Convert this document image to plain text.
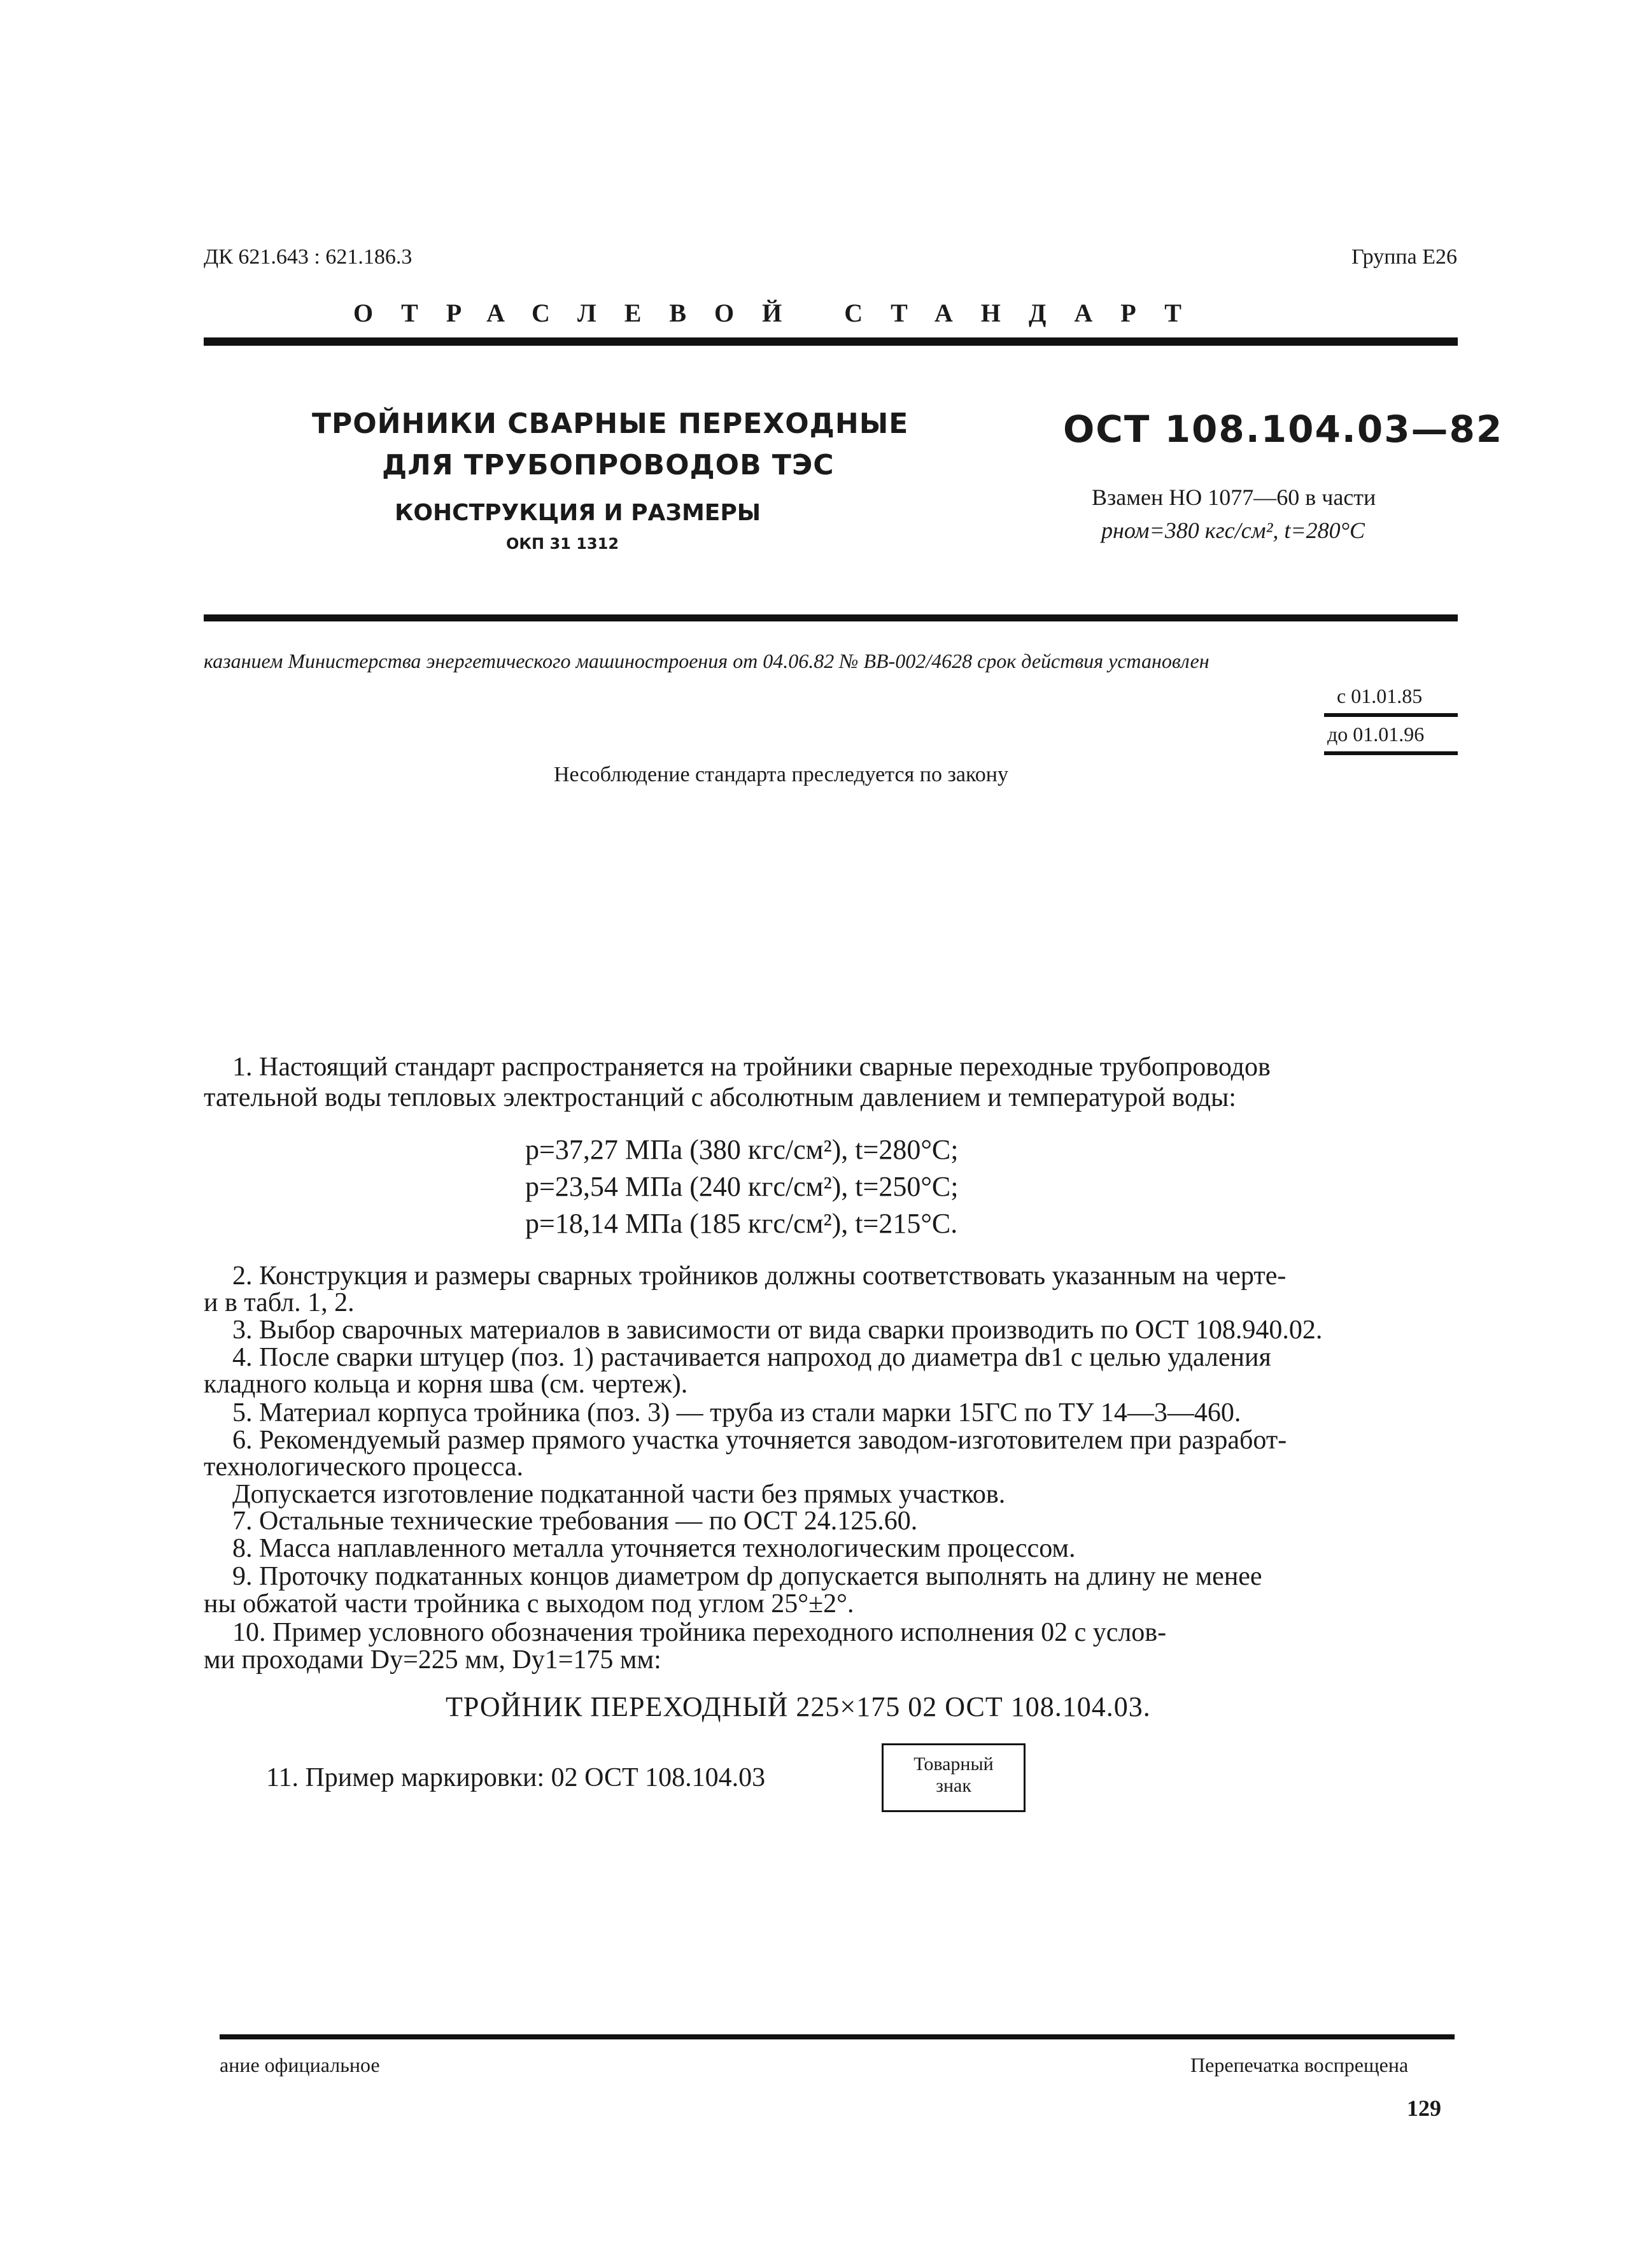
ДК 621.643 : 621.186.3	Группа Е26
ОТРАСЛЕВОЙ СТАНДАРТ
ТРОЙНИКИ СВАРНЫЕ ПЕРЕХОДНЫЕ
ДЛЯ ТРУБОПРОВОДОВ ТЭС
КОНСТРУКЦИЯ И РАЗМЕРЫ
ОКП 31 1312
ОСТ 108.104.03—82
Взамен НО 1077—60 в части
pном=380 кгс/см², t=280°С
казанием Министерства энергетического машиностроения от 04.06.82 № ВВ-002/4628 срок действия установлен
с 01.01.85
до 01.01.96
Несоблюдение стандарта преследуется по закону
1. Настоящий стандарт распространяется на тройники сварные переходные трубопроводов
тательной воды тепловых электростанций с абсолютным давлением и температурой воды:
p=37,27 МПа (380 кгс/см²), t=280°С;
p=23,54 МПа (240 кгс/см²), t=250°С;
p=18,14 МПа (185 кгс/см²), t=215°С.
2. Конструкция и размеры сварных тройников должны соответствовать указанным на черте-
и в табл. 1, 2.
3. Выбор сварочных материалов в зависимости от вида сварки производить по ОСТ 108.940.02.
4. После сварки штуцер (поз. 1) растачивается напроход до диаметра dв1 с целью удаления
кладного кольца и корня шва (см. чертеж).
5. Материал корпуса тройника (поз. 3) — труба из стали марки 15ГС по ТУ 14—3—460.
6. Рекомендуемый размер прямого участка уточняется заводом-изготовителем при разработ-
технологического процесса.
Допускается изготовление подкатанной части без прямых участков.
7. Остальные технические требования — по ОСТ 24.125.60.
8. Масса наплавленного металла уточняется технологическим процессом.
9. Проточку подкатанных концов диаметром dp допускается выполнять на длину не менее
ны обжатой части тройника с выходом под углом 25°±2°.
10. Пример условного обозначения тройника переходного исполнения 02 с услов-
ми проходами Dу=225 мм, Dу1=175 мм:
ТРОЙНИК ПЕРЕХОДНЫЙ 225×175 02 ОСТ 108.104.03.
11. Пример маркировки: 02 ОСТ 108.104.03	Товарный
знак
ание официальное	Перепечатка воспрещена
129
